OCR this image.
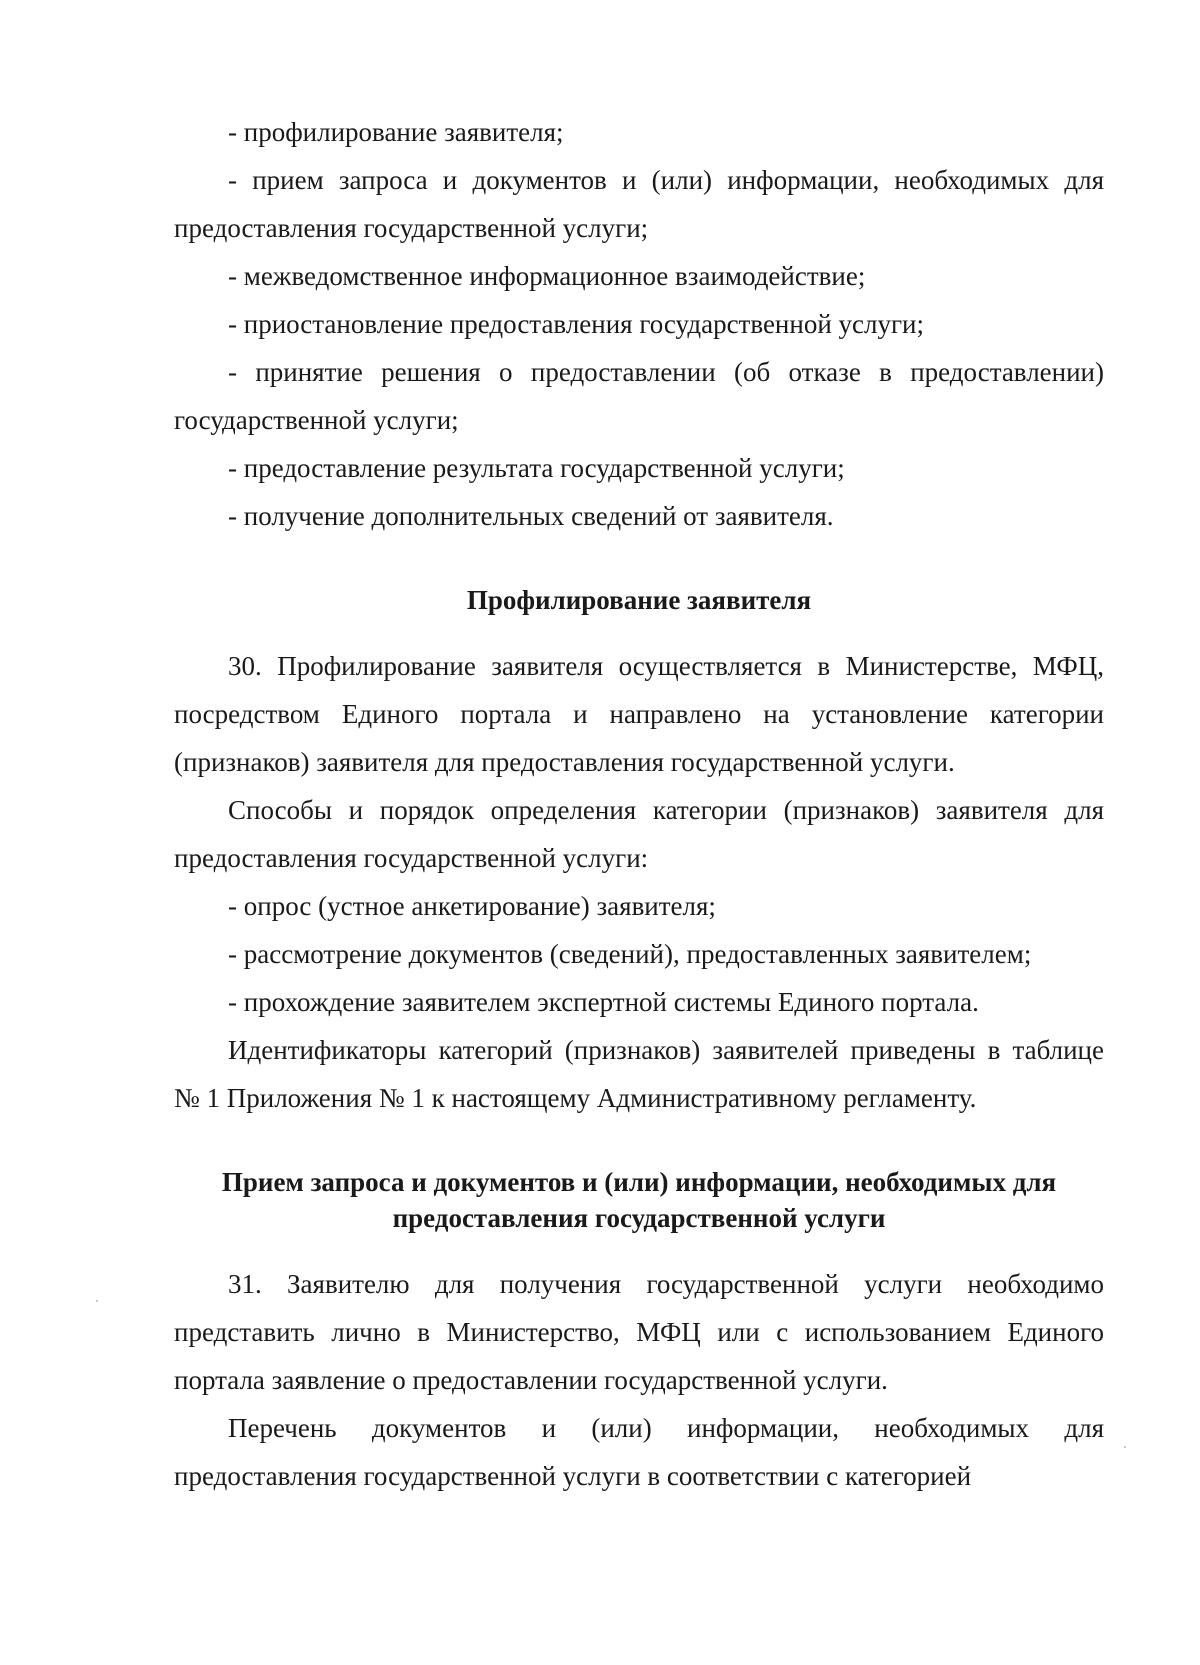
- профилирование заявителя;

- прием запроса и документов и (или) информации, необходимых для предоставления государственной услуги;

- межведомственное информационное взаимодействие;

- приостановление предоставления государственной услуги;

- принятие решения о предоставлении (об отказе в предоставлении) государственной услуги;

- предоставление результата государственной услуги;

- получение дополнительных сведений от заявителя.

Профилирование заявителя

30. Профилирование заявителя осуществляется в Министерстве, МФЦ, посредством Единого портала и направлено на установление категории (признаков) заявителя для предоставления государственной услуги.

Способы и порядок определения категории (признаков) заявителя для предоставления государственной услуги:

- опрос (устное анкетирование) заявителя;

- рассмотрение документов (сведений), предоставленных заявителем;

- прохождение заявителем экспертной системы Единого портала.

Идентификаторы категорий (признаков) заявителей приведены в таблице № 1 Приложения № 1 к настоящему Административному регламенту.

Прием запроса и документов и (или) информации, необходимых для

предоставления государственной услуги

31. Заявителю для получения государственной услуги необходимо представить лично в Министерство, МФЦ или с использованием Единого портала заявление о предоставлении государственной услуги.

Перечень документов и (или) информации, необходимых для предоставления государственной услуги в соответствии с категорией
